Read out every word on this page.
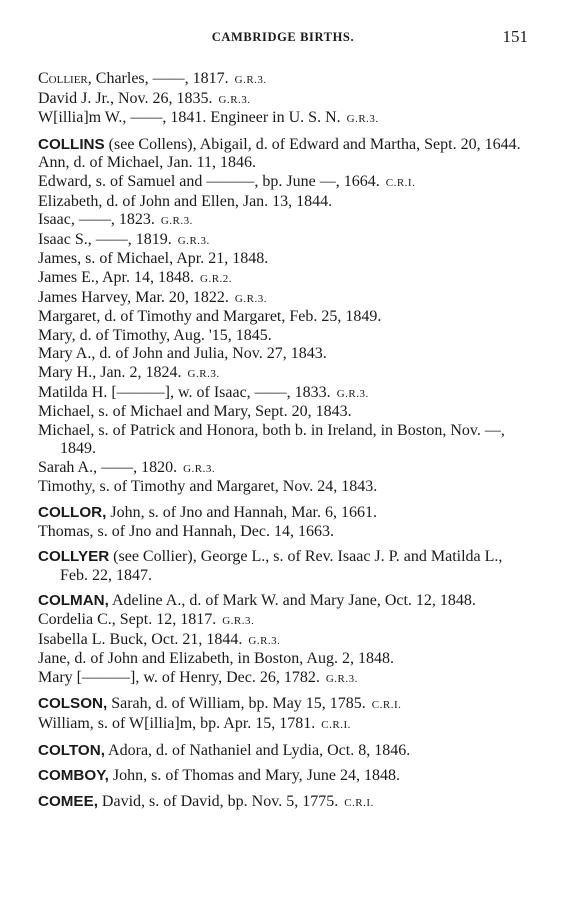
CAMBRIDGE BIRTHS.	151
Collier, Charles, ——, 1817. G.R.3.
David J. Jr., Nov. 26, 1835. G.R.3.
W[illia]m W., ——, 1841. Engineer in U. S. N. G.R.3.
COLLINS (see Collens), Abigail, d. of Edward and Martha, Sept. 20, 1644.
Ann, d. of Michael, Jan. 11, 1846.
Edward, s. of Samuel and ———, bp. June —, 1664. C.R.I.
Elizabeth, d. of John and Ellen, Jan. 13, 1844.
Isaac, ——, 1823. G.R.3.
Isaac S., ——, 1819. G.R.3.
James, s. of Michael, Apr. 21, 1848.
James E., Apr. 14, 1848. G.R.2.
James Harvey, Mar. 20, 1822. G.R.3.
Margaret, d. of Timothy and Margaret, Feb. 25, 1849.
Mary, d. of Timothy, Aug. '15, 1845.
Mary A., d. of John and Julia, Nov. 27, 1843.
Mary H., Jan. 2, 1824. G.R.3.
Matilda H. [———], w. of Isaac, ——, 1833. G.R.3.
Michael, s. of Michael and Mary, Sept. 20, 1843.
Michael, s. of Patrick and Honora, both b. in Ireland, in Boston, Nov. —, 1849.
Sarah A., ——, 1820. G.R.3.
Timothy, s. of Timothy and Margaret, Nov. 24, 1843.
COLLOR, John, s. of Jno and Hannah, Mar. 6, 1661.
Thomas, s. of Jno and Hannah, Dec. 14, 1663.
COLLYER (see Collier), George L., s. of Rev. Isaac J. P. and Matilda L., Feb. 22, 1847.
COLMAN, Adeline A., d. of Mark W. and Mary Jane, Oct. 12, 1848.
Cordelia C., Sept. 12, 1817. G.R.3.
Isabella L. Buck, Oct. 21, 1844. G.R.3.
Jane, d. of John and Elizabeth, in Boston, Aug. 2, 1848.
Mary [———], w. of Henry, Dec. 26, 1782. G.R.3.
COLSON, Sarah, d. of William, bp. May 15, 1785. C.R.I.
William, s. of W[illia]m, bp. Apr. 15, 1781. C.R.I.
COLTON, Adora, d. of Nathaniel and Lydia, Oct. 8, 1846.
COMBOY, John, s. of Thomas and Mary, June 24, 1848.
COMEE, David, s. of David, bp. Nov. 5, 1775. C.R.I.
